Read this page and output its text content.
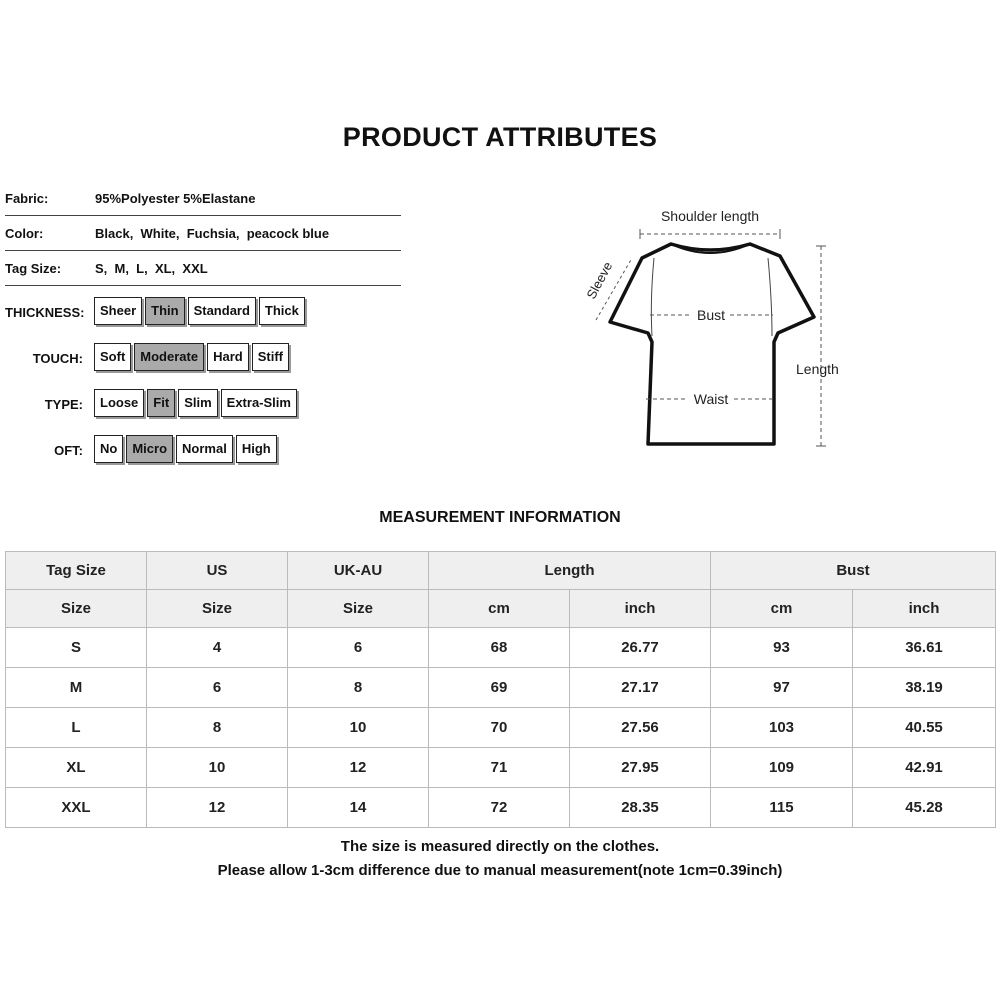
PRODUCT ATTRIBUTES
Fabric:	95%Polyester 5%Elastane
Color:	Black,  White,  Fuchsia,  peacock blue
Tag Size:	S,  M,  L,  XL,  XXL
THICKNESS:	Sheer	Thin	Standard	Thick
TOUCH:	Soft	Moderate	Hard	Stiff
TYPE:	Loose	Fit	Slim	Extra-Slim
OFT:	No	Micro	Normal	High
Shoulder length
Sleeve
Bust
Waist
Length
MEASUREMENT INFORMATION
Tag Size	US	UK-AU	Length		Bust	
Size	Size	Size	cm	inch	cm	inch
S	4	6	68	26.77	93	36.61
M	6	8	69	27.17	97	38.19
L	8	10	70	27.56	103	40.55
XL	10	12	71	27.95	109	42.91
XXL	12	14	72	28.35	115	45.28
The size is measured directly on the clothes.
Please allow 1-3cm difference due to manual measurement(note 1cm=0.39inch)
